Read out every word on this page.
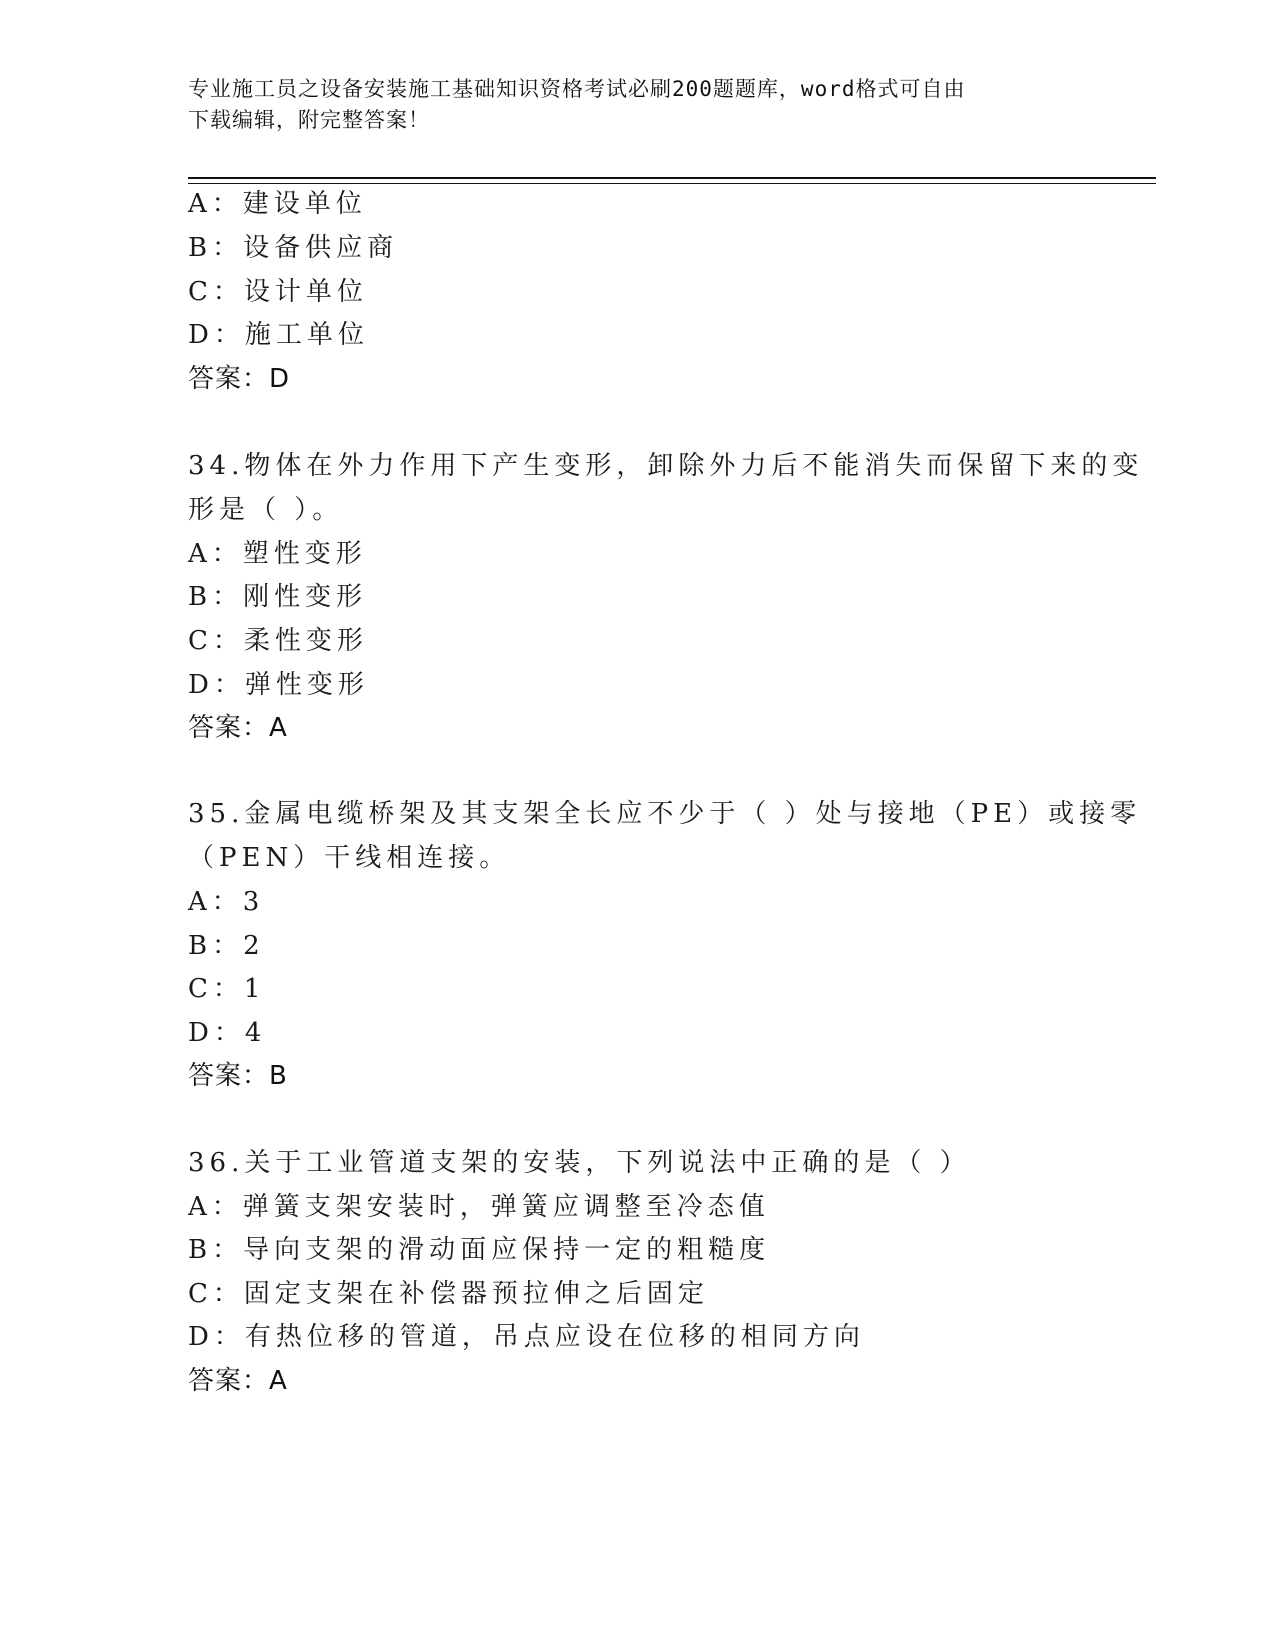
专业施工员之设备安装施工基础知识资格考试必刷200题题库，word格式可自由
下载编辑，附完整答案！
A：建设单位
B：设备供应商
C：设计单位
D：施工单位
答案：D
34.物体在外力作用下产生变形，卸除外力后不能消失而保留下来的变
形是（ ）。
A：塑性变形
B：刚性变形
C：柔性变形
D：弹性变形
答案：A
35.金属电缆桥架及其支架全长应不少于（ ）处与接地（PE）或接零
（PEN）干线相连接。
A：3
B：2
C：1
D：4
答案：B
36.关于工业管道支架的安装，下列说法中正确的是（ ）
A：弹簧支架安装时，弹簧应调整至冷态值
B：导向支架的滑动面应保持一定的粗糙度
C：固定支架在补偿器预拉伸之后固定
D：有热位移的管道，吊点应设在位移的相同方向
答案：A
